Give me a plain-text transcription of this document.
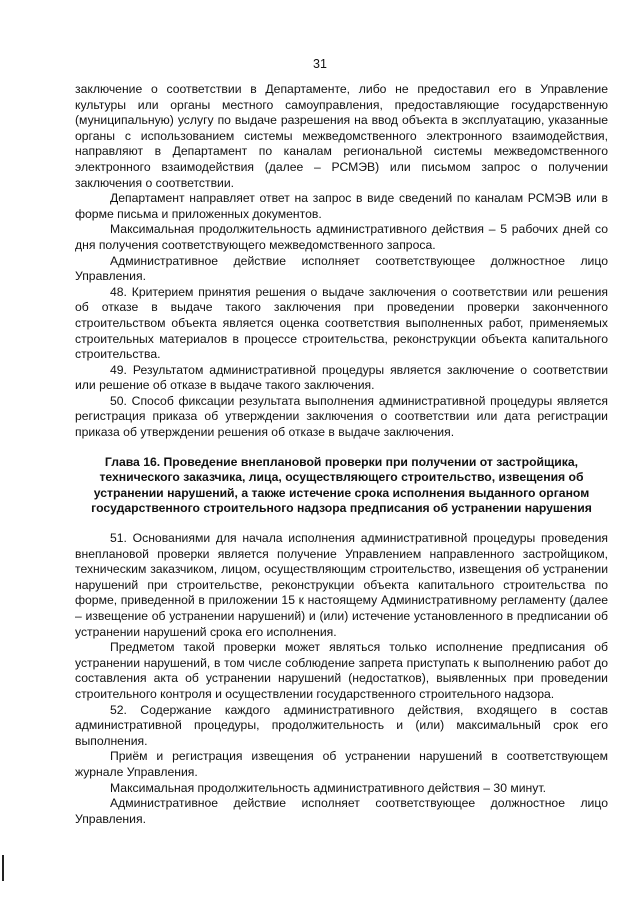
31

заключение о соответствии в Департаменте, либо не предоставил его в Управление культуры или органы местного самоуправления, предоставляющие государственную (муниципальную) услугу по выдаче разрешения на ввод объекта в эксплуатацию, указанные органы с использованием системы межведомственного электронного взаимодействия, направляют в Департамент по каналам региональной системы межведомственного электронного взаимодействия (далее – РСМЭВ) или письмом запрос о получении заключения о соответствии.

Департамент направляет ответ на запрос в виде сведений по каналам РСМЭВ или в форме письма и приложенных документов.

Максимальная продолжительность административного действия – 5 рабочих дней со дня получения соответствующего межведомственного запроса.

Административное действие исполняет соответствующее должностное лицо Управления.

48. Критерием принятия решения о выдаче заключения о соответствии или решения об отказе в выдаче такого заключения при проведении проверки законченного строительством объекта является оценка соответствия выполненных работ, применяемых строительных материалов в процессе строительства, реконструкции объекта капитального строительства.

49. Результатом административной процедуры является заключение о соответствии или решение об отказе в выдаче такого заключения.

50. Способ фиксации результата выполнения административной процедуры является регистрация приказа об утверждении заключения о соответствии или дата регистрации приказа об утверждении решения об отказе в выдаче заключения.

Глава 16. Проведение внеплановой проверки при получении от застройщика, технического заказчика, лица, осуществляющего строительство, извещения об устранении нарушений, а также истечение срока исполнения выданного органом государственного строительного надзора предписания об устранении нарушения

51. Основаниями для начала исполнения административной процедуры проведения внеплановой проверки является получение Управлением направленного застройщиком, техническим заказчиком, лицом, осуществляющим строительство, извещения об устранении нарушений при строительстве, реконструкции объекта капитального строительства по форме, приведенной в приложении 15 к настоящему Административному регламенту (далее – извещение об устранении нарушений) и (или) истечение установленного в предписании об устранении нарушений срока его исполнения.

Предметом такой проверки может являться только исполнение предписания об устранении нарушений, в том числе соблюдение запрета приступать к выполнению работ до составления акта об устранении нарушений (недостатков), выявленных при проведении строительного контроля и осуществлении государственного строительного надзора.

52. Содержание каждого административного действия, входящего в состав административной процедуры, продолжительность и (или) максимальный срок его выполнения.

Приём и регистрация извещения об устранении нарушений в соответствующем журнале Управления.

Максимальная продолжительность административного действия – 30 минут.

Административное действие исполняет соответствующее должностное лицо Управления.
